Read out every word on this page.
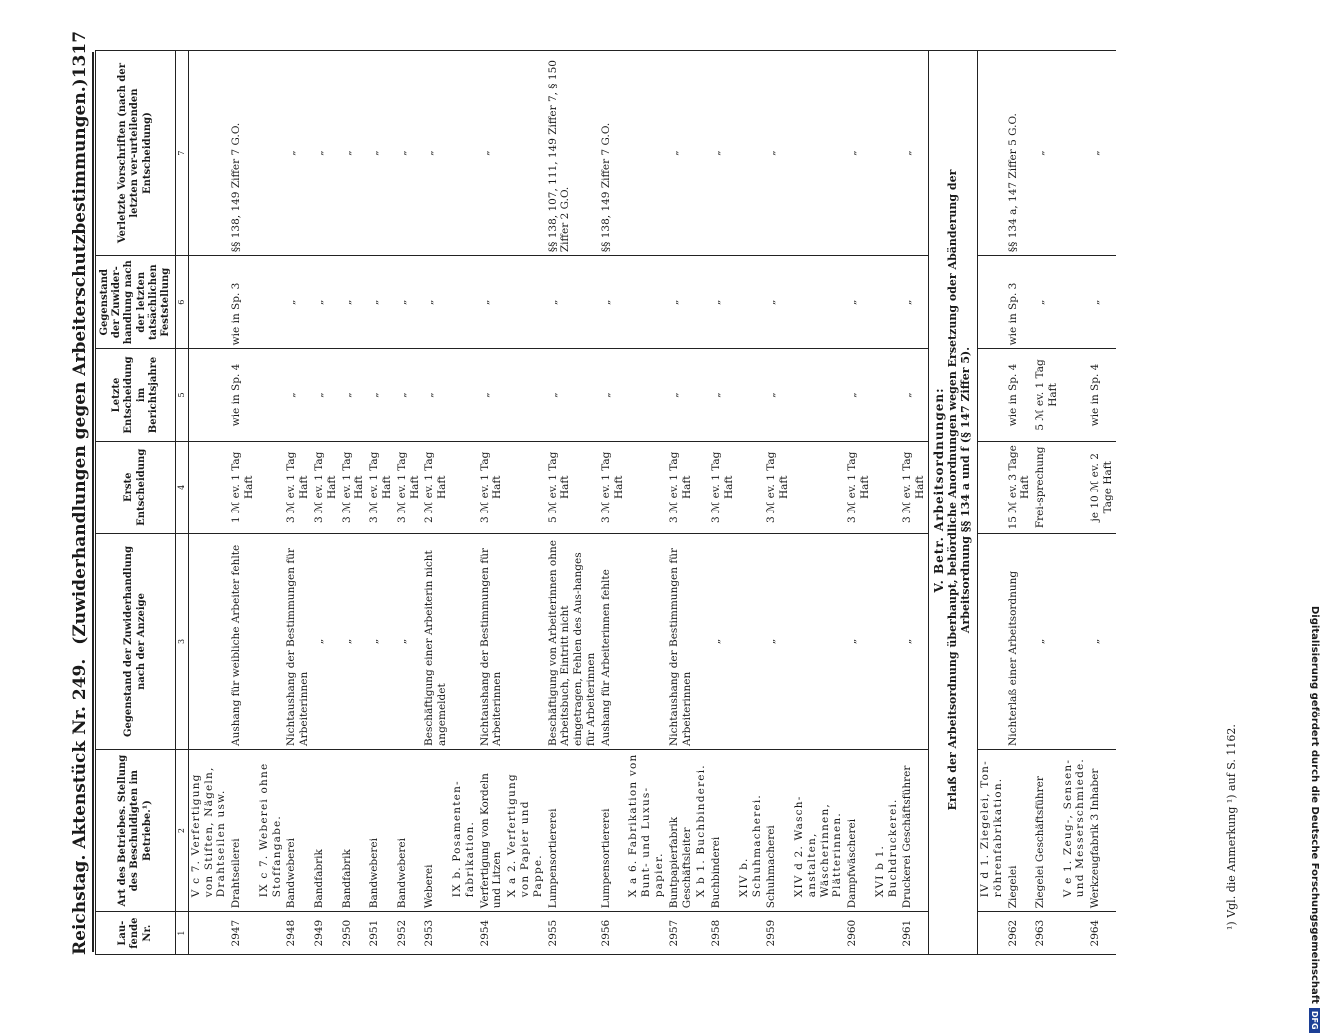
Reichstag. Aktenstück Nr. 249.
(Zuwiderhandlungen gegen Arbeiterschutzbestimmungen.)
1317
Lau-fende Nr.	Art des Betriebes. Stellung des Beschuldigten im Betriebe.¹)	Gegenstand der Zuwiderhandlung nach der Anzeige	Erste Entscheidung	Letzte Entscheidung im Berichtsjahre	Gegenstand der Zuwider-handlung nach der letzten tatsächlichen Feststellung	Verletzte Vorschriften (nach der letzten ver-urteilenden Entscheidung)
1	2	3	4	5	6	7
	V c 7. Verfertigung von Stiften, Nägeln, Drahtseilen usw.					
2947	Drahtseilerei	Aushang für weibliche Arbeiter fehlte	1 ℳ ev. 1 Tag Haft	wie in Sp. 4	wie in Sp. 3	§§ 138, 149 Ziffer 7 G.O.
	IX c 7. Weberei ohne Stoffangabe.					
2948	Bandweberei	Nichtaushang der Bestimmungen für Arbeiterinnen	3 ℳ ev. 1 Tag Haft	„	„	„
2949	Bandfabrik	„	3 ℳ ev. 1 Tag Haft	„	„	„
2950	Bandfabrik	„	3 ℳ ev. 1 Tag Haft	„	„	„
2951	Bandweberei	„	3 ℳ ev. 1 Tag Haft	„	„	„
2952	Bandweberei	„	3 ℳ ev. 1 Tag Haft	„	„	„
2953	Weberei	Beschäftigung einer Arbeiterin nicht angemeldet	2 ℳ ev. 1 Tag Haft	„	„	„
	IX b. Posamenten-fabrikation.					
2954	Verfertigung von Kordeln und Litzen	Nichtaushang der Bestimmungen für Arbeiterinnen	3 ℳ ev. 1 Tag Haft	„	„	„
	X a 2. Verfertigung von Papier und Pappe.					
2955	Lumpensortiererei	Beschäftigung von Arbeiterinnen ohne Arbeitsbuch, Eintritt nicht eingetragen, Fehlen des Aus-hanges für Arbeiterinnen	5 ℳ ev. 1 Tag Haft	„	„	§§ 138, 107, 111, 149 Ziffer 7, § 150 Ziffer 2 G.O.
2956	Lumpensortiererei	Aushang für Arbeiterinnen fehlte	3 ℳ ev. 1 Tag Haft	„	„	§§ 138, 149 Ziffer 7 G.O.
	X a 6. Fabrikation von Bunt- und Luxus-papier.					
2957	Buntpapierfabrik Geschäftsleiter	Nichtaushang der Bestimmungen für Arbeiterinnen	3 ℳ ev. 1 Tag Haft	„	„	„
	X b 1. Buchbinderei.					
2958	Buchbinderei	„	3 ℳ ev. 1 Tag Haft	„	„	„
	XIV b. Schuhmacherei.					
2959	Schuhmacherei	„	3 ℳ ev. 1 Tag Haft	„	„	„
	XIV d 2. Wasch-anstalten, Wäscherinnen, Plätterinnen.					
2960	Dampfwäscherei	„	3 ℳ ev. 1 Tag Haft	„	„	„
	XVI b 1. Buchdruckerei.					
2961	Druckerei Geschäftsführer	„	3 ℳ ev. 1 Tag Haft	„	„	„

	IV d 1. Ziegelei, Ton-röhrenfabrikation.					
2962	Ziegelei	Nichterlaß einer Arbeitsordnung	15 ℳ ev. 3 Tage Haft	wie in Sp. 4	wie in Sp. 3	§§ 134 a, 147 Ziffer 5 G.O.
2963	Ziegelei Geschäftsführer	„	Frei-sprechung	5 ℳ ev. 1 Tag Haft	„	„
	V e 1. Zeug-, Sensen- und Messerschmiede.					
2964	Werkzeugfabrik 3 Inhaber	„	je 10 ℳ ev. 2 Tage Haft	wie in Sp. 4	„	„
V. Betr. Arbeitsordnungen: Erlaß der Arbeitsordnung überhaupt, behördliche Anordnungen wegen Ersetzung oder Abänderung der Arbeitsordnung §§ 134 a und f (§ 147 Ziffer 5).
¹) Vgl. die Anmerkung ¹) auf S. 1162.	Digitalisierung gefördert durch die Deutsche Forschungsgemeinschaft
DFG
